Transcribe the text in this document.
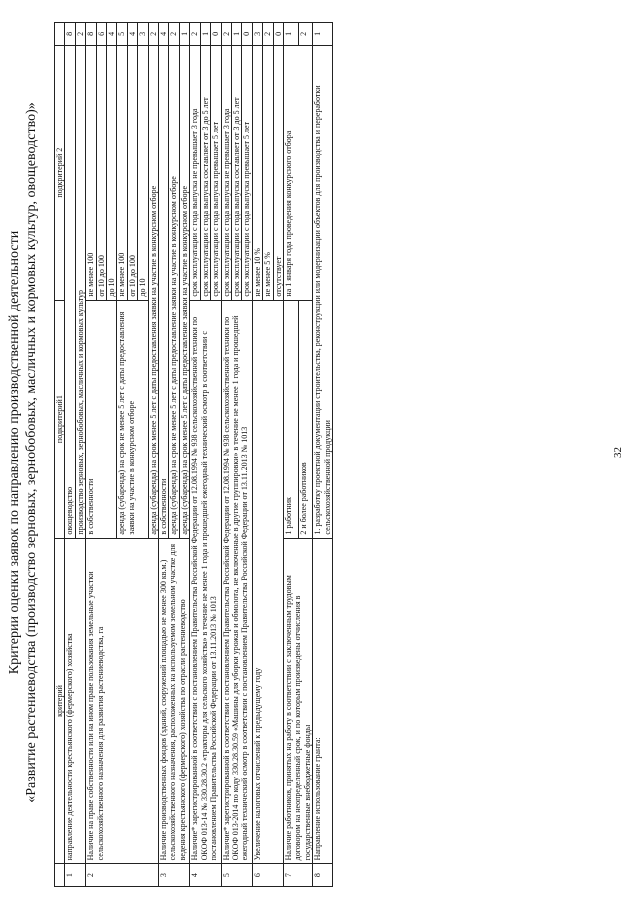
32
Критерии оценки заявок по направлению производственной деятельности «Развитие растениеводства (производство зерновых, зернобобовых, масличных и кормовых культур, овощеводство)»
	критерий	подкритерий1	подкритерий 2	
1	направление деятельности крестьянского (фермерского) хозяйства	овощеводство		8
		производство зерновых, зернобобовых, масличных и кормовых культур		2
2	Наличие на праве собственности или на ином праве пользования земельные участки сельскохозяйственного назначения для развития растениеводства, га	в собственности	не менее 100	8
			от 10 до 100	6
			до 10	4
		аренда (субаренда) на срок не менее 5 лет с даты предоставления заявки на участие в конкурсном отборе	не менее 100	5
			от 10 до 100	4
			до 10	3
		аренда (субаренда) на срок менее 5 лет с даты предоставления заявки на участие в конкурсном отборе		2
3	Наличие производственных фондов (зданий, сооружений площадью не менее 300 кв.м.) сельскохозяйственного назначения, расположенных на используемом земельном участке для ведения крестьянского (фермерского) хозяйства по отрасли растениеводство	в собственности		4
		аренда (субаренда) на срок не менее 5 лет с даты предоставление заявки на участие в конкурсном отборе		2
		аренда (субаренда) на срок менее 5 лет с даты предоставление заявки на участие в конкурсном отборе		1
4	Наличие* зарегистрированной в соответствии с постановлением Правительства Российской Федерации от 12.08.1994 № 938 сельскохозяйственной техники по ОКОФ 013-14 № 330.28.30.2 «тракторы для сельского хозяйства» в течение не менее 1 года и прошедшей ежегодный технический осмотр в соответствии с постановлением Правительства Российской Федерации от 13.11.2013 № 1013		срок эксплуатации с года выпуска не превышает 3 года	2
			срок эксплуатации с года выпуска составляет от 3 до 5 лет	1
			срок эксплуатации с года выпуска превышает 5 лет	0
5	Наличие* зарегистрированной в соответствии с постановлением Правительства Российской Федерации от 12.08.1994 № 938 сельскохозяйственной техники по ОКОФ 013-2014 по коду 330.28.30.59 «Машины для уборки урожая и обмолота, не включенные в другие группировки» в течение не менее 1 года и прошедшей ежегодный технический осмотр в соответствии с постановлением Правительства Российской Федерации от 13.11.2013 № 1013		срок эксплуатации с года выпуска не превышает 3 года	2
			срок эксплуатации с года выпуска составляет от 3 до 5 лет	1
			срок эксплуатации с года выпуска превышает 5 лет	0
6	Увеличение налоговых отчислений к предыдущему году		не менее 10 %	3
			не менее 5 %	2
			отсутствует	0
7	Наличие работников, принятых на работу в соответствии с заключенным трудовым договором на неопределенный срок, и по которым произведены отчисления в государственные внебюджетные фонды	1 работник	на 1 января года проведения конкурсного отбора	1
		2 и более работников		2
8	Направление использование гранта:	1. разработку проектной документации строительства, реконструкции или модернизации объектов для производства и переработки сельскохозяйственной продукции		1
